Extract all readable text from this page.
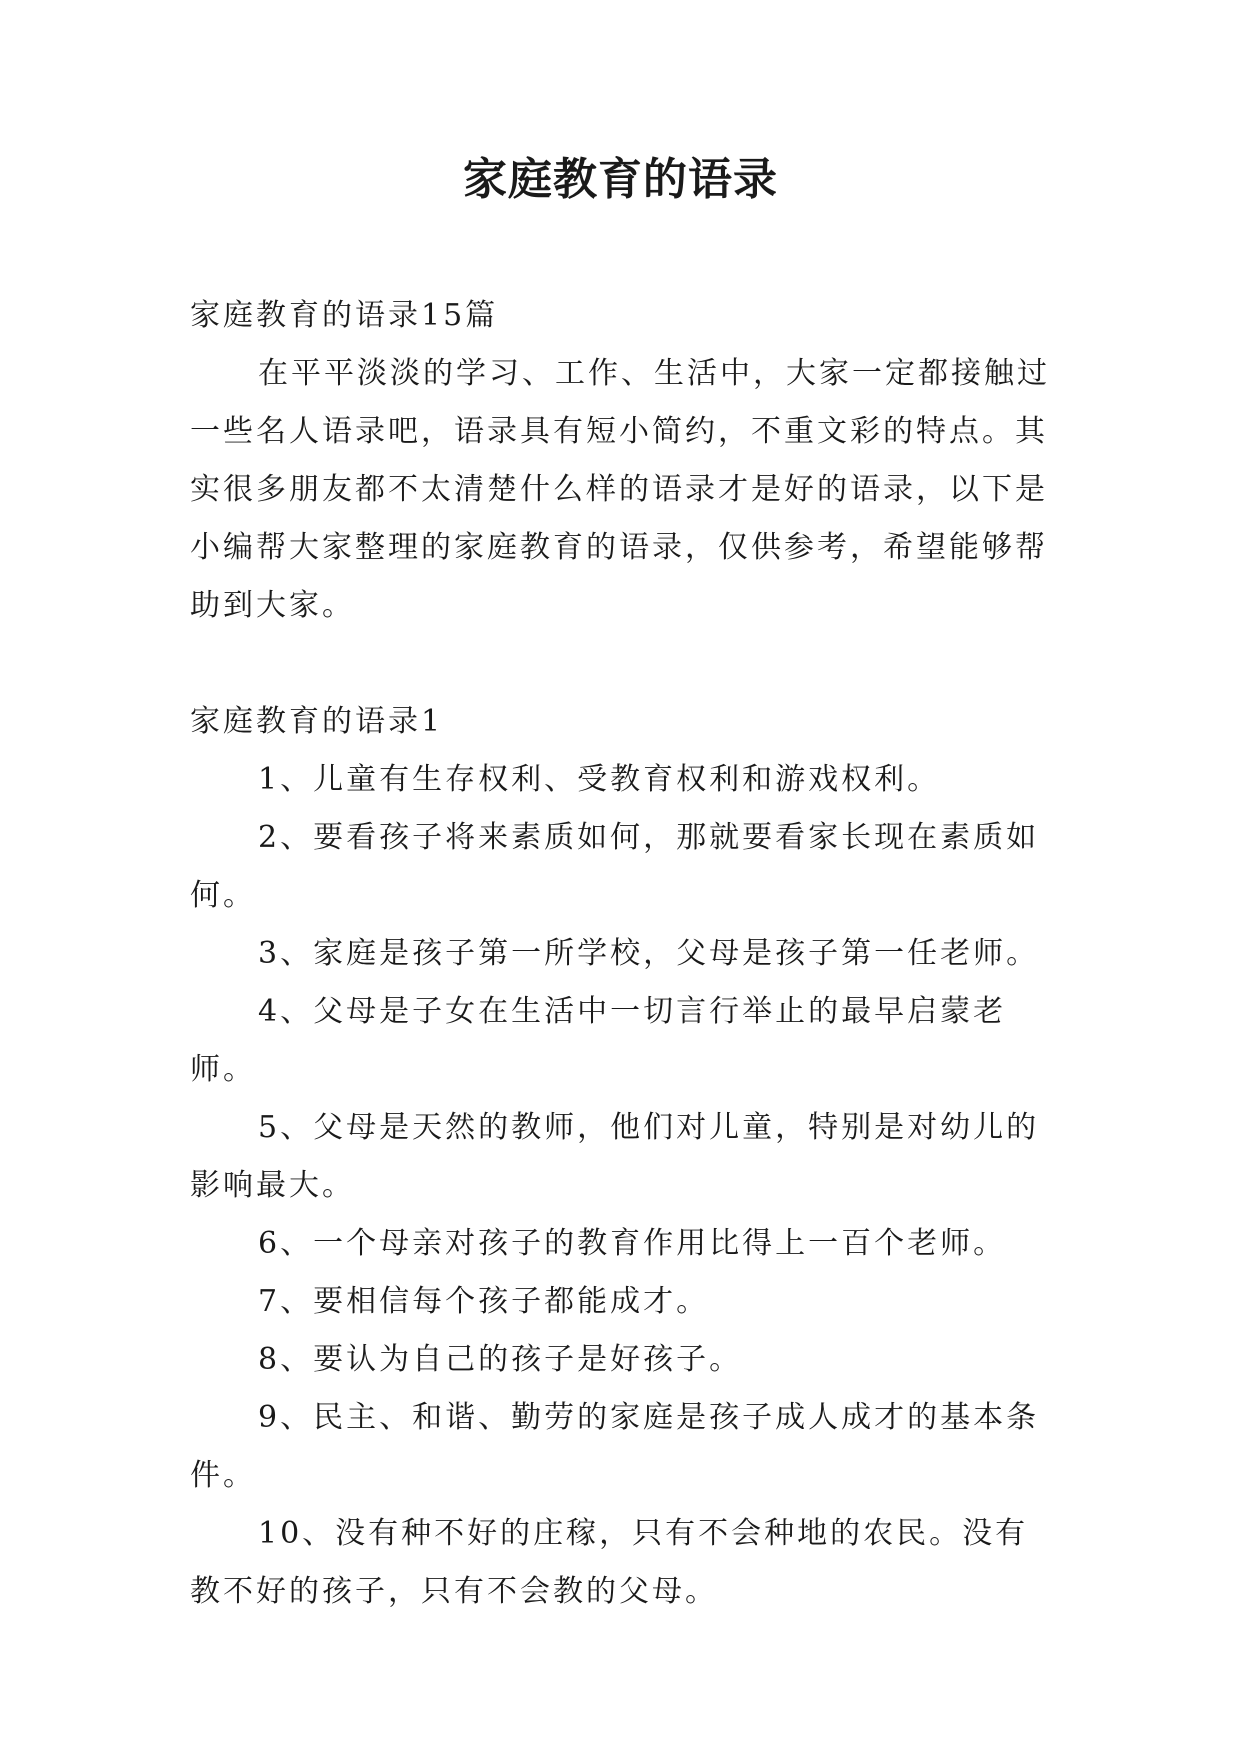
家庭教育的语录

家庭教育的语录15篇

在平平淡淡的学习、工作、生活中，大家一定都接触过一些名人语录吧，语录具有短小简约，不重文彩的特点。其实很多朋友都不太清楚什么样的语录才是好的语录，以下是小编帮大家整理的家庭教育的语录，仅供参考，希望能够帮助到大家。

家庭教育的语录1

1、儿童有生存权利、受教育权利和游戏权利。

2、要看孩子将来素质如何，那就要看家长现在素质如何。

3、家庭是孩子第一所学校，父母是孩子第一任老师。

4、父母是子女在生活中一切言行举止的最早启蒙老师。

5、父母是天然的教师，他们对儿童，特别是对幼儿的影响最大。

6、一个母亲对孩子的教育作用比得上一百个老师。

7、要相信每个孩子都能成才。

8、要认为自己的孩子是好孩子。

9、民主、和谐、勤劳的家庭是孩子成人成才的基本条件。

10、没有种不好的庄稼，只有不会种地的农民。没有教不好的孩子，只有不会教的父母。
